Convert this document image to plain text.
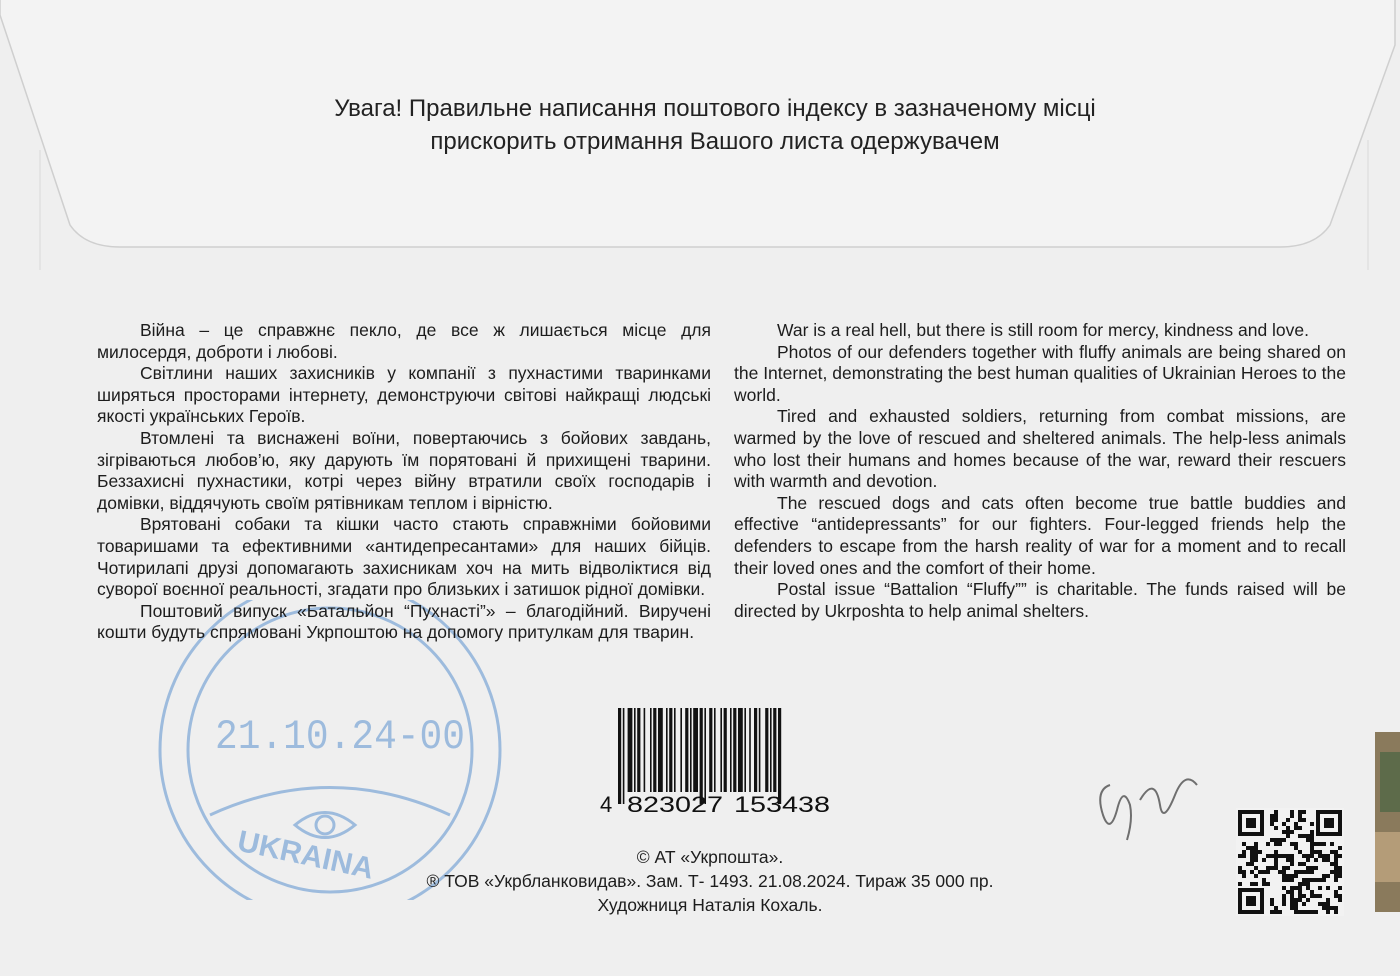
Увага! Правильне написання поштового індексу в зазначеному місці
прискорить отримання Вашого листа одержувачем
21.10.24-00
UKRAINA

Війна – це справжнє пекло, де все ж лишається місце для милосердя, доброти і любові.

Світлини наших захисників у компанії з пухнастими тваринками ширяться просторами інтернету, демонструючи світові найкращі людські якості українських Героїв.

Втомлені та виснажені воїни, повертаючись з бойових завдань, зігріваються любов’ю, яку дарують їм порятовані й прихищені тварини. Беззахисні пухнастики, котрі через війну втратили своїх господарів і домівки, віддячують своїм рятівникам теплом і вірністю.

Врятовані собаки та кішки часто стають справжніми бойовими товаришами та ефективними «антидепресантами» для наших бійців. Чотирилапі друзі допомагають захисникам хоч на мить відволіктися від суворої воєнної реальності, згадати про близьких і затишок рідної домівки.

Поштовий випуск «Батальйон “Пухнасті”» – благодійний. Виручені кошти будуть спрямовані Укрпоштою на допомогу притулкам для тварин.

War is a real hell, but there is still room for mercy, kindness and love.

Photos of our defenders together with fluffy animals are being shared on the Internet, demonstrating the best human qualities of Ukrainian Heroes to the world.

Tired and exhausted soldiers, returning from combat missions, are warmed by the love of rescued and sheltered animals. The help-less animals who lost their humans and homes because of the war, reward their rescuers with warmth and devotion.

The rescued dogs and cats often become true battle buddies and effective “antidepressants” for our fighters. Four-legged friends help the defenders to escape from the harsh reality of war for a moment and to recall their loved ones and the comfort of their home.

Postal issue “Battalion “Fluffy”” is charitable. The funds raised will be directed by Ukrposhta to help animal shelters.

4 823027 153438
© АТ «Укрпошта».
® ТОВ «Укрбланковидав». Зам. Т- 1493. 21.08.2024. Тираж 35 000 пр.
Художниця Наталія Кохаль.
